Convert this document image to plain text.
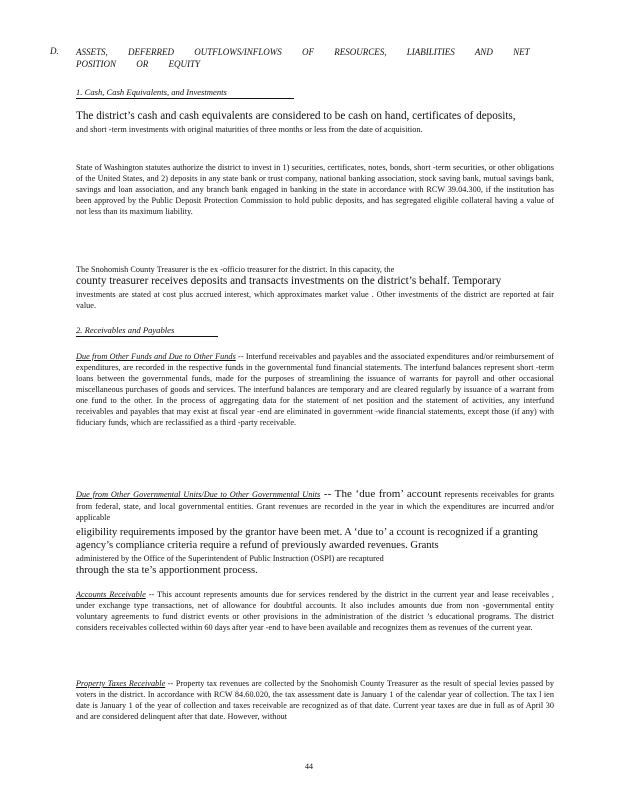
D. ASSETS, DEFERRED OUTFLOWS/INFLOWS OF RESOURCES, LIABILITIES AND NET POSITION OR EQUITY
1. Cash, Cash Equivalents, and Investments

The district’s cash and cash equivalents are considered to be cash on hand, certificates of deposits,

and short -term investments with original maturities of three months or less from the date of acquisition.

State of Washington statutes authorize the district to invest in 1) securities, certificates, notes, bonds, short -term securities, or other obligations of the United States, and 2) deposits in any state bank or trust company, national banking association, stock saving bank, mutual savings bank, savings and loan association, and any branch bank engaged in banking in the state in accordance with RCW 39.04.300, if the institution has been approved by the Public Deposit Protection Commission to hold public deposits, and has segregated eligible collateral having a value of not less than its maximum liability.

The Snohomish County Treasurer is the ex -officio treasurer for the district. In this capacity, the

county treasurer receives deposits and transacts investments on the district’s behalf. Temporary

investments are stated at cost plus accrued interest, which approximates market value . Other investments of the district are reported at fair value.

2. Receivables and Payables

Due from Other Funds and Due to Other Funds -- Interfund receivables and payables and the associated expenditures and/or reimbursement of expenditures, are recorded in the respective funds in the governmental fund financial statements. The interfund balances represent short -term loans between the governmental funds, made for the purposes of streamlining the issuance of warrants for payroll and other occasional miscellaneous purchases of goods and services. The interfund balances are temporary and are cleared regularly by issuance of a warrant from one fund to the other. In the process of aggregating data for the statement of net position and the statement of activities, any interfund receivables and payables that may exist at fiscal year -end are eliminated in government -wide financial statements, except those (if any) with fiduciary funds, which are reclassified as a third -party receivable.

Due from Other Governmental Units/Due to Other Governmental Units -- The ‘due from’ account represents receivables for grants from federal, state, and local governmental entities. Grant revenues are recorded in the year in which the expenditures are incurred and/or applicable

eligibility requirements imposed by the grantor have been met. A ‘due to’ a ccount is recognized if a granting agency’s compliance criteria require a refund of previously awarded revenues. Grants

administered by the Office of the Superintendent of Public Instruction (OSPI) are recaptured

through the sta te’s apportionment process.

Accounts Receivable -- This account represents amounts due for services rendered by the district in the current year and lease receivables , under exchange type transactions, net of allowance for doubtful accounts. It also includes amounts due from non -governmental entity voluntary agreements to fund district events or other provisions in the administration of the district ’s educational programs. The district considers receivables collected within 60 days after year -end to have been available and recognizes them as revenues of the current year.

Property Taxes Receivable -- Property tax revenues are collected by the Snohomish County Treasurer as the result of special levies passed by voters in the district. In accordance with RCW 84.60.020, the tax assessment date is January 1 of the calendar year of collection. The tax l ien date is January 1 of the year of collection and taxes receivable are recognized as of that date. Current year taxes are due in full as of April 30 and are considered delinquent after that date. However, without

44
